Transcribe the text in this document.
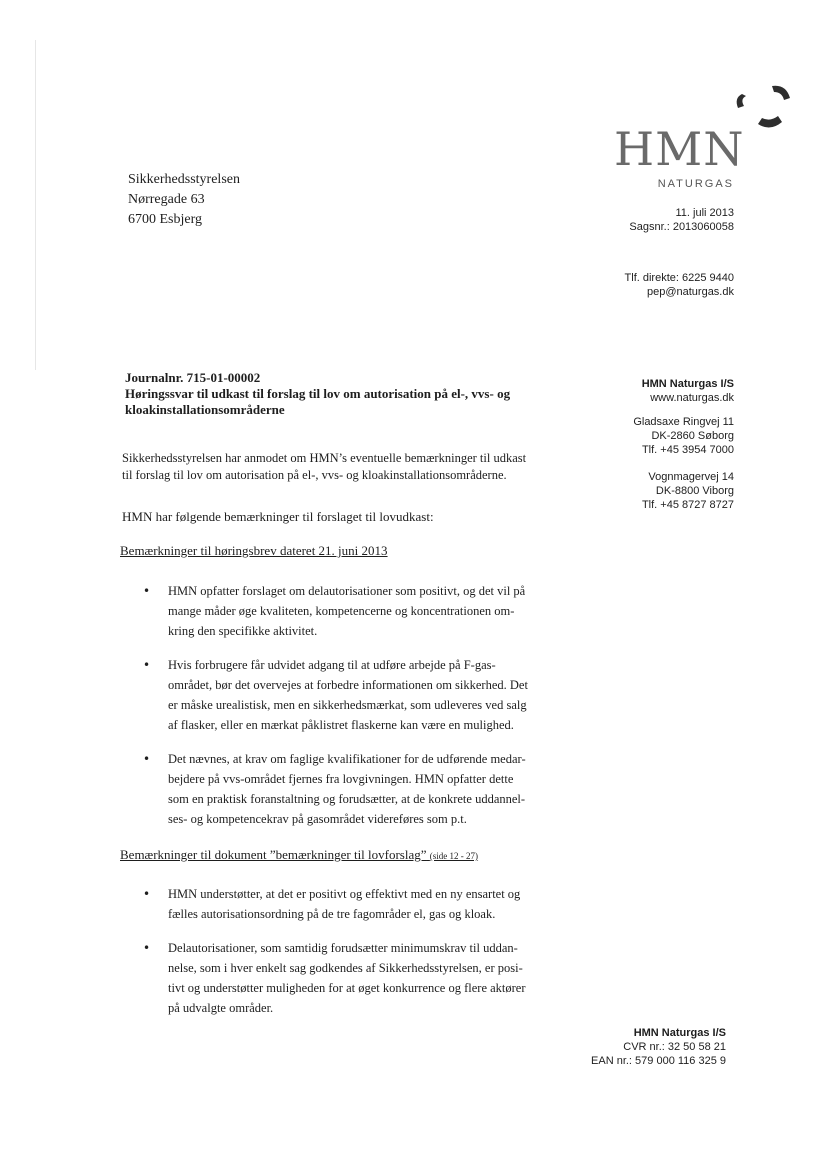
HMN
NATURGAS
Sikkerhedsstyrelsen
Nørregade 63
6700 Esbjerg	11. juli 2013
Sagsnr.: 2013060058
Tlf. direkte: 6225 9440
pep@naturgas.dk
HMN Naturgas I/S
www.naturgas.dk
Gladsaxe Ringvej 11
DK-2860 Søborg
Tlf. +45 3954 7000
Vognmagervej 14
DK-8800 Viborg
Tlf. +45 8727 8727
Journalnr. 715-01-00002
Høringssvar til udkast til forslag til lov om autorisation på el-, vvs- og
kloakinstallationsområderne
Sikkerhedsstyrelsen har anmodet om HMN’s eventuelle bemærkninger til udkast
til forslag til lov om autorisation på el-, vvs- og kloakinstallationsområderne.
HMN har følgende bemærkninger til forslaget til lovudkast:
Bemærkninger til høringsbrev dateret 21. juni 2013
• HMN opfatter forslaget om delautorisationer som positivt, og det vil på
mange måder øge kvaliteten, kompetencerne og koncentrationen om-
kring den specifikke aktivitet.
• Hvis forbrugere får udvidet adgang til at udføre arbejde på F-gas-
området, bør det overvejes at forbedre informationen om sikkerhed. Det
er måske urealistisk, men en sikkerhedsmærkat, som udleveres ved salg
af flasker, eller en mærkat påklistret flaskerne kan være en mulighed.
• Det nævnes, at krav om faglige kvalifikationer for de udførende medar-
bejdere på vvs-området fjernes fra lovgivningen. HMN opfatter dette
som en praktisk foranstaltning og forudsætter, at de konkrete uddannel-
ses- og kompetencekrav på gasområdet videreføres som p.t.
Bemærkninger til dokument ”bemærkninger til lovforslag” (side 12 - 27)
• HMN understøtter, at det er positivt og effektivt med en ny ensartet og
fælles autorisationsordning på de tre fagområder el, gas og kloak.
• Delautorisationer, som samtidig forudsætter minimumskrav til uddan-
nelse, som i hver enkelt sag godkendes af Sikkerhedsstyrelsen, er posi-
tivt og understøtter muligheden for at øget konkurrence og flere aktører
på udvalgte områder.
HMN Naturgas I/S
CVR nr.: 32 50 58 21
EAN nr.: 579 000 116 325 9
